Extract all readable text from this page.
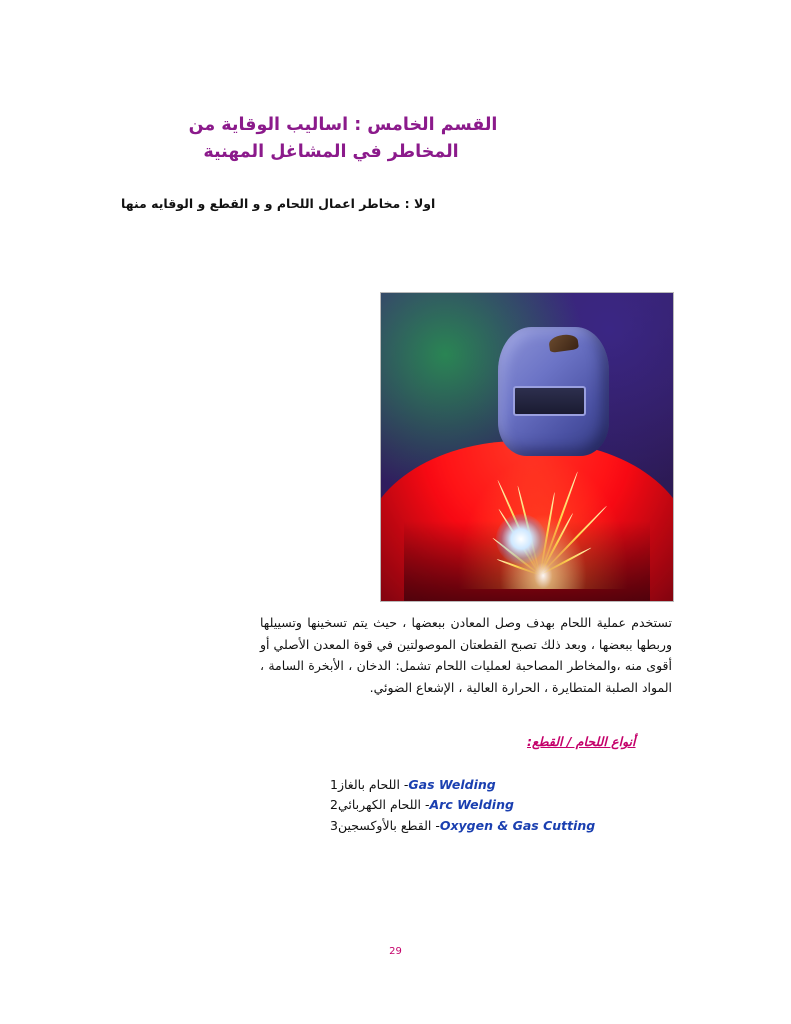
القسم الخامس : اساليب الوقاية من
المخاطر في المشاغل المهنية
اولا : مخاطر اعمال اللحام و و القطع و الوقايه منها

تستخدم عملية اللحام بهدف وصل المعادن ببعضها ، حيث يتم تسخينها وتسييلها وربطها ببعضها ، وبعد ذلك تصبح القطعتان الموصولتين في قوة المعدن الأصلي أو أقوى منه ،والمخاطر المصاحبة لعمليات اللحام تشمل: الدخان ، الأبخرة السامة ، المواد الصلبة المتطايرة ، الحرارة العالية ، الإشعاع الضوئي.

أنواع اللحام / القطع:
Gas Welding- اللحام بالغاز1
Arc Welding- اللحام الكهربائي2
Oxygen & Gas Cutting- القطع بالأوكسجين3
29
